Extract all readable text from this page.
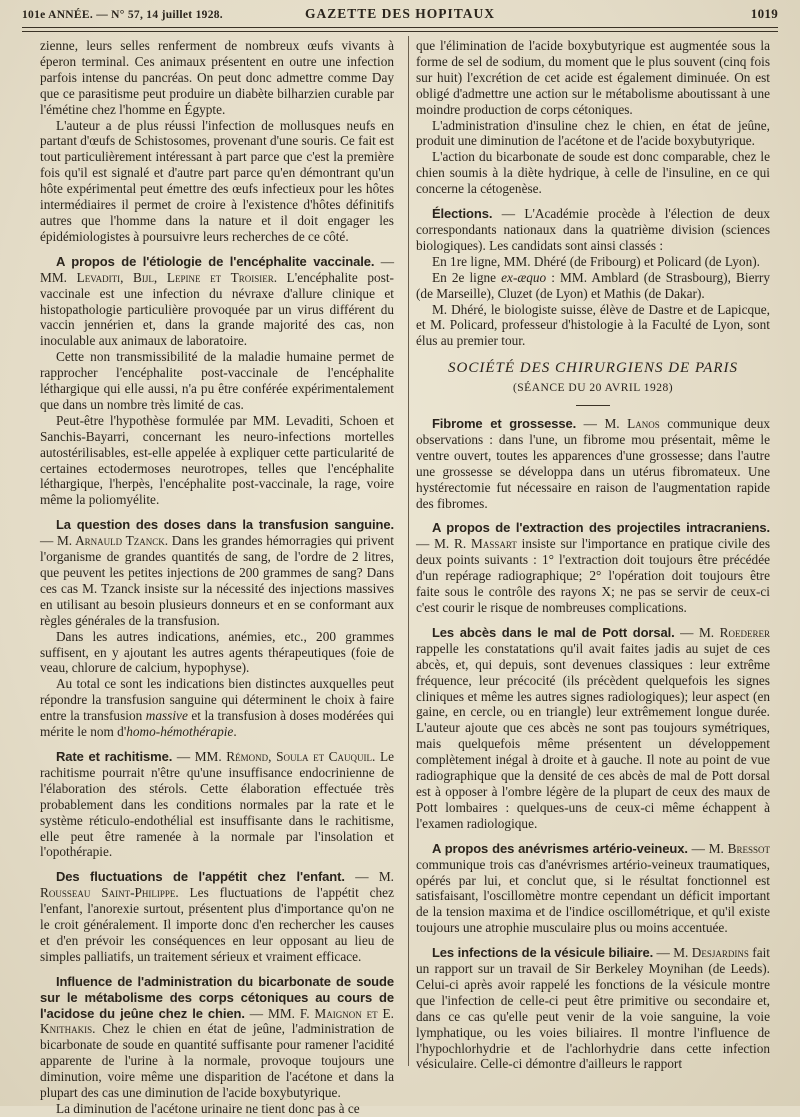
101e ANNÉE. — N° 57, 14 juillet 1928.	GAZETTE DES HOPITAUX	1019

zienne, leurs selles renferment de nombreux œufs vivants à éperon terminal. Ces animaux présentent en outre une infection parfois intense du pancréas. On peut donc admettre comme Day que ce parasitisme peut produire un diabète bilharzien curable par l'émétine chez l'homme en Égypte.

L'auteur a de plus réussi l'infection de mollusques neufs en partant d'œufs de Schistosomes, provenant d'une souris. Ce fait est tout particulièrement intéressant à part parce que c'est la première fois qu'il est signalé et d'autre part parce qu'en démontrant qu'un hôte expérimental peut émettre des œufs infectieux pour les hôtes intermédiaires il permet de croire à l'existence d'hôtes définitifs autres que l'homme dans la nature et il doit engager les épidémiologistes à poursuivre leurs recherches de ce côté.

A propos de l'étiologie de l'encéphalite vaccinale. — MM. Levaditi, Bijl, Lepine et Troisier. L'encéphalite post-vaccinale est une infection du névraxe d'allure clinique et histopathologie particulière provoquée par un virus différent du vaccin jennérien et, dans la grande majorité des cas, non inoculable aux animaux de laboratoire.

Cette non transmissibilité de la maladie humaine permet de rapprocher l'encéphalite post-vaccinale de l'encéphalite léthargique qui elle aussi, n'a pu être conférée expérimentalement que dans un nombre très limité de cas.

Peut-être l'hypothèse formulée par MM. Levaditi, Schoen et Sanchis-Bayarri, concernant les neuro-infections mortelles autostérilisables, est-elle appelée à expliquer cette particularité de certaines ectodermoses neurotropes, telles que l'encéphalite léthargique, l'herpès, l'encéphalite post-vaccinale, la rage, voire même la poliomyélite.

La question des doses dans la transfusion sanguine. — M. Arnauld Tzanck. Dans les grandes hémorragies qui privent l'organisme de grandes quantités de sang, de l'ordre de 2 litres, que peuvent les petites injections de 200 grammes de sang? Dans ces cas M. Tzanck insiste sur la nécessité des injections massives en utilisant au besoin plusieurs donneurs et en se conformant aux règles générales de la transfusion.

Dans les autres indications, anémies, etc., 200 grammes suffisent, en y ajoutant les autres agents thérapeutiques (foie de veau, chlorure de calcium, hypophyse).

Au total ce sont les indications bien distinctes auxquelles peut répondre la transfusion sanguine qui déterminent le choix à faire entre la transfusion massive et la transfusion à doses modérées qui mérite le nom d'homo-hémothérapie.

Rate et rachitisme. — MM. Rémond, Soula et Cauquil. Le rachitisme pourrait n'être qu'une insuffisance endocrinienne de l'élaboration des stérols. Cette élaboration effectuée très probablement dans les conditions normales par la rate et le système réticulo-endothélial est insuffisante dans le rachitisme, elle peut être ramenée à la normale par l'insolation et l'opothérapie.

Des fluctuations de l'appétit chez l'enfant. — M. Rousseau Saint-Philippe. Les fluctuations de l'appétit chez l'enfant, l'anorexie surtout, présentent plus d'importance qu'on ne le croit généralement. Il importe donc d'en rechercher les causes et d'en prévoir les conséquences en leur opposant au lieu de simples palliatifs, un traitement sérieux et vraiment efficace.

Influence de l'administration du bicarbonate de soude sur le métabolisme des corps cétoniques au cours de l'acidose du jeûne chez le chien. — MM. F. Maignon et E. Knithakis. Chez le chien en état de jeûne, l'administration de bicarbonate de soude en quantité suffisante pour ramener l'acidité apparente de l'urine à la normale, provoque toujours une diminution, voire même une disparition de l'acétone et dans la plupart des cas une diminution de l'acide boxybutyrique.

La diminution de l'acétone urinaire ne tient donc pas à ce

que l'élimination de l'acide boxybutyrique est augmentée sous la forme de sel de sodium, du moment que le plus souvent (cinq fois sur huit) l'excrétion de cet acide est également diminuée. On est obligé d'admettre une action sur le métabolisme aboutissant à une moindre production de corps cétoniques.

L'administration d'insuline chez le chien, en état de jeûne, produit une diminution de l'acétone et de l'acide boxybutyrique.

L'action du bicarbonate de soude est donc comparable, chez le chien soumis à la diète hydrique, à celle de l'insuline, en ce qui concerne la cétogenèse.

Élections. — L'Académie procède à l'élection de deux correspondants nationaux dans la quatrième division (sciences biologiques). Les candidats sont ainsi classés :

En 1re ligne, MM. Dhéré (de Fribourg) et Policard (de Lyon).

En 2e ligne ex-æquo : MM. Amblard (de Strasbourg), Bierry (de Marseille), Cluzet (de Lyon) et Mathis (de Dakar).

M. Dhéré, le biologiste suisse, élève de Dastre et de Lapicque, et M. Policard, professeur d'histologie à la Faculté de Lyon, sont élus au premier tour.

SOCIÉTÉ DES CHIRURGIENS DE PARIS
(SÉANCE DU 20 AVRIL 1928)

Fibrome et grossesse. — M. Lanos communique deux observations : dans l'une, un fibrome mou présentait, même le ventre ouvert, toutes les apparences d'une grossesse; dans l'autre une grossesse se développa dans un utérus fibromateux. Une hystérectomie fut nécessaire en raison de l'augmentation rapide des fibromes.

A propos de l'extraction des projectiles intracraniens. — M. R. Massart insiste sur l'importance en pratique civile des deux points suivants : 1° l'extraction doit toujours être précédée d'un repérage radiographique; 2° l'opération doit toujours être faite sous le contrôle des rayons X; ne pas se servir de ceux-ci c'est courir le risque de nombreuses complications.

Les abcès dans le mal de Pott dorsal. — M. Roederer rappelle les constatations qu'il avait faites jadis au sujet de ces abcès, et, qui depuis, sont devenues classiques : leur extrême fréquence, leur précocité (ils précèdent quelquefois les signes cliniques et même les autres signes radiologiques); leur aspect (en gaine, en cercle, ou en triangle) leur extrêmement longue durée. L'auteur ajoute que ces abcès ne sont pas toujours symétriques, mais quelquefois même présentent un développement complètement inégal à droite et à gauche. Il note au point de vue radiographique que la densité de ces abcès de mal de Pott dorsal est à opposer à l'ombre légère de la plupart de ceux des maux de Pott lombaires : quelques-uns de ceux-ci même échappent à l'examen radiologique.

A propos des anévrismes artério-veineux. — M. Bressot communique trois cas d'anévrismes artério-veineux traumatiques, opérés par lui, et conclut que, si le résultat fonctionnel est satisfaisant, l'oscillomètre montre cependant un déficit important de la tension maxima et de l'indice oscillométrique, et qu'il existe toujours une atrophie musculaire plus ou moins accentuée.

Les infections de la vésicule biliaire. — M. Desjardins fait un rapport sur un travail de Sir Berkeley Moynihan (de Leeds). Celui-ci après avoir rappelé les fonctions de la vésicule montre que l'infection de celle-ci peut être primitive ou secondaire et, dans ce cas qu'elle peut venir de la voie sanguine, la voie lymphatique, ou les voies biliaires. Il montre l'influence de l'hypochlorhydrie et de l'achlorhydrie dans cette infection vésiculaire. Celle-ci démontre d'ailleurs le rapport
